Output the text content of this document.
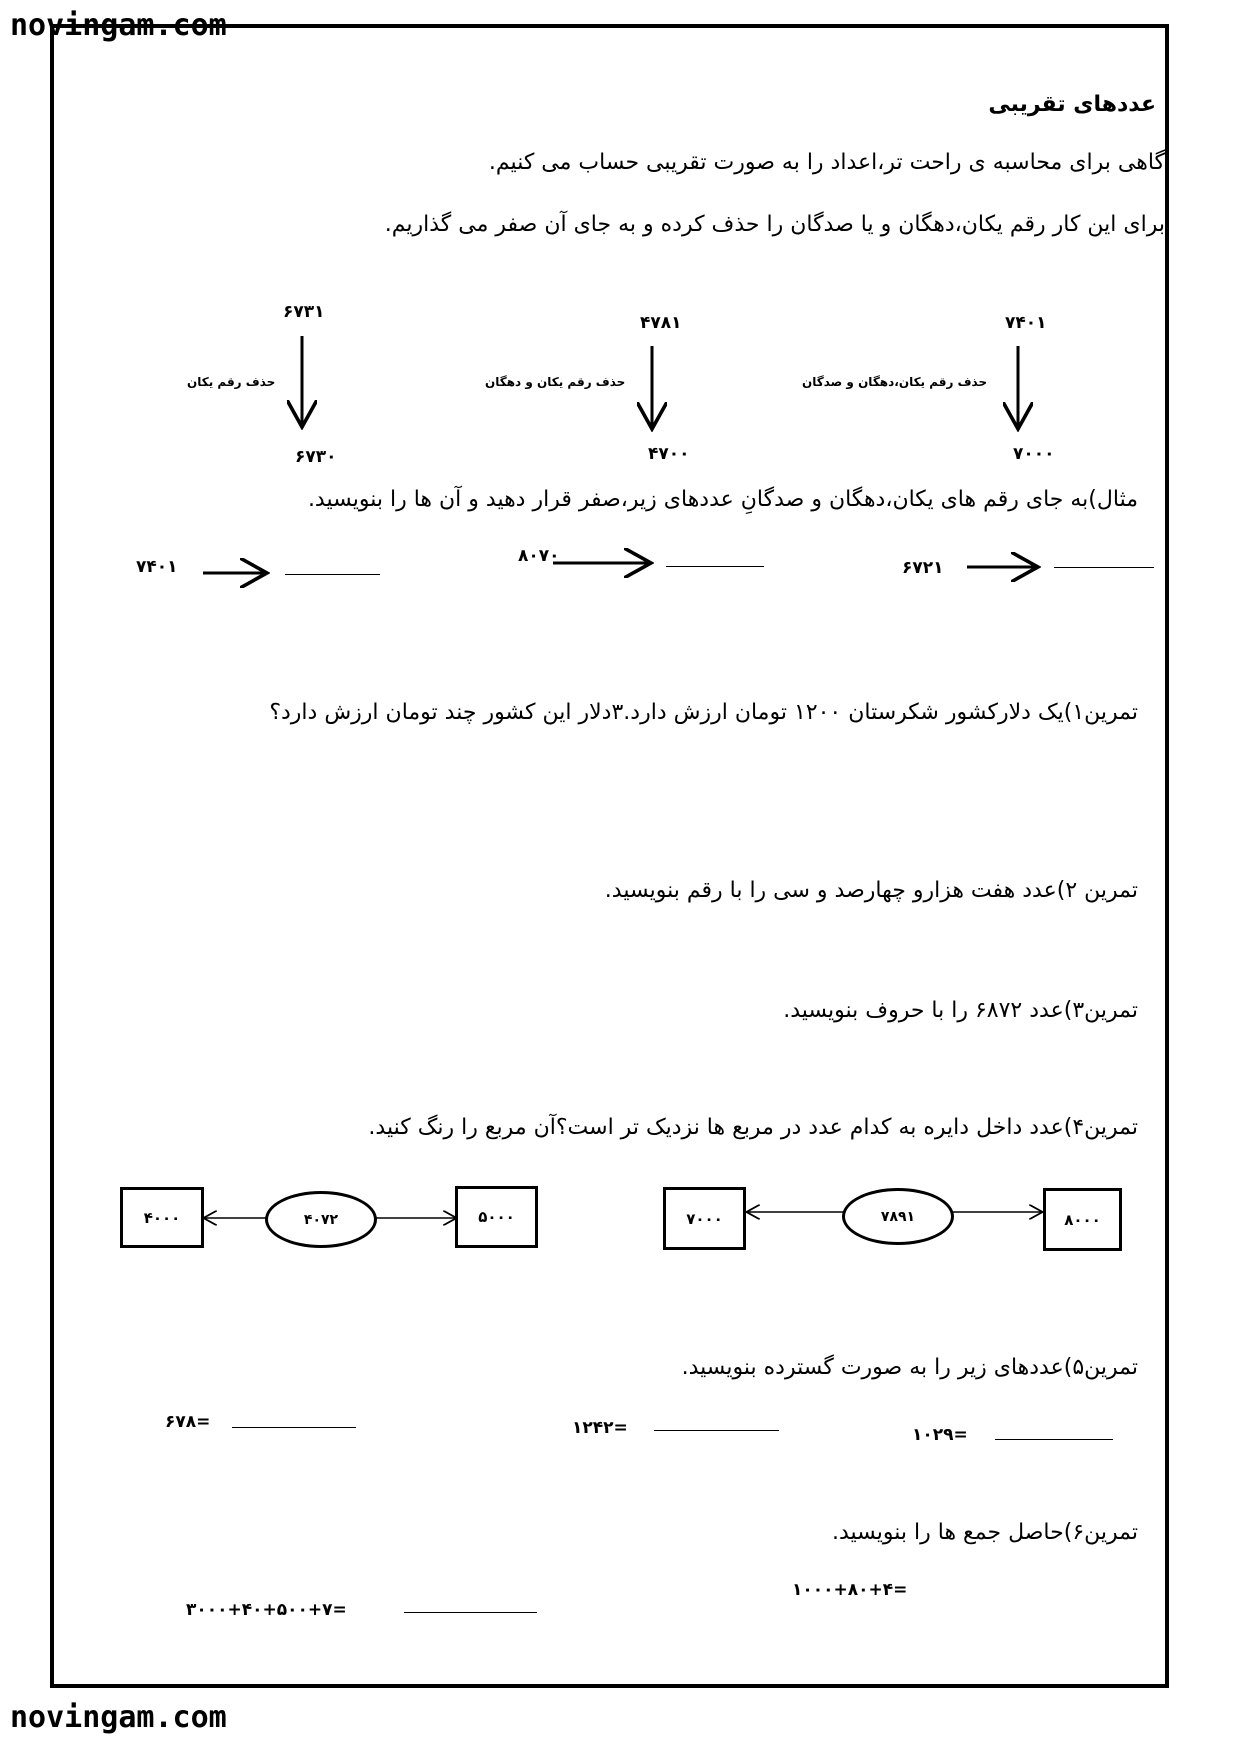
novingam.com
novingam.com
عددهای تقریبی
گاهی برای محاسبه ی راحت تر،اعداد را به صورت تقریبی حساب می کنیم.
برای این کار رقم یکان،دهگان و یا صدگان را حذف کرده و به جای آن صفر می گذاریم.
۷۴۰۱
حذف رقم یکان،دهگان و صدگان
۷۰۰۰
۴۷۸۱
حذف رقم یکان و دهگان
۴۷۰۰
۶۷۳۱
حذف رقم یکان
۶۷۳۰
مثال)به جای رقم های یکان،دهگان و صدگانِ عددهای زیر،صفر قرار دهید و آن ها را بنویسید.
۶۷۲۱
۸۰۷۰
۷۴۰۱
تمرین۱)یک دلارکشور شکرستان ۱۲۰۰ تومان ارزش دارد.۳دلار این کشور چند تومان ارزش دارد؟
تمرین ۲)عدد هفت هزارو چهارصد و سی را با رقم بنویسید.
تمرین۳)عدد ۶۸۷۲ را با حروف بنویسید.
تمرین۴)عدد داخل دایره به کدام عدد در مربع ها نزدیک تر است؟آن مربع را رنگ کنید.
۷۰۰۰	۷۸۹۱	۸۰۰۰
۴۰۰۰	۴۰۷۲	۵۰۰۰
تمرین۵)عددهای زیر را به صورت گسترده بنویسید.
۱۰۲۹=
۱۲۴۲=
۶۷۸=
تمرین۶)حاصل جمع ها را بنویسید.
۱۰۰۰+۸۰+۴=
۳۰۰۰+۴۰+۵۰۰+۷=
